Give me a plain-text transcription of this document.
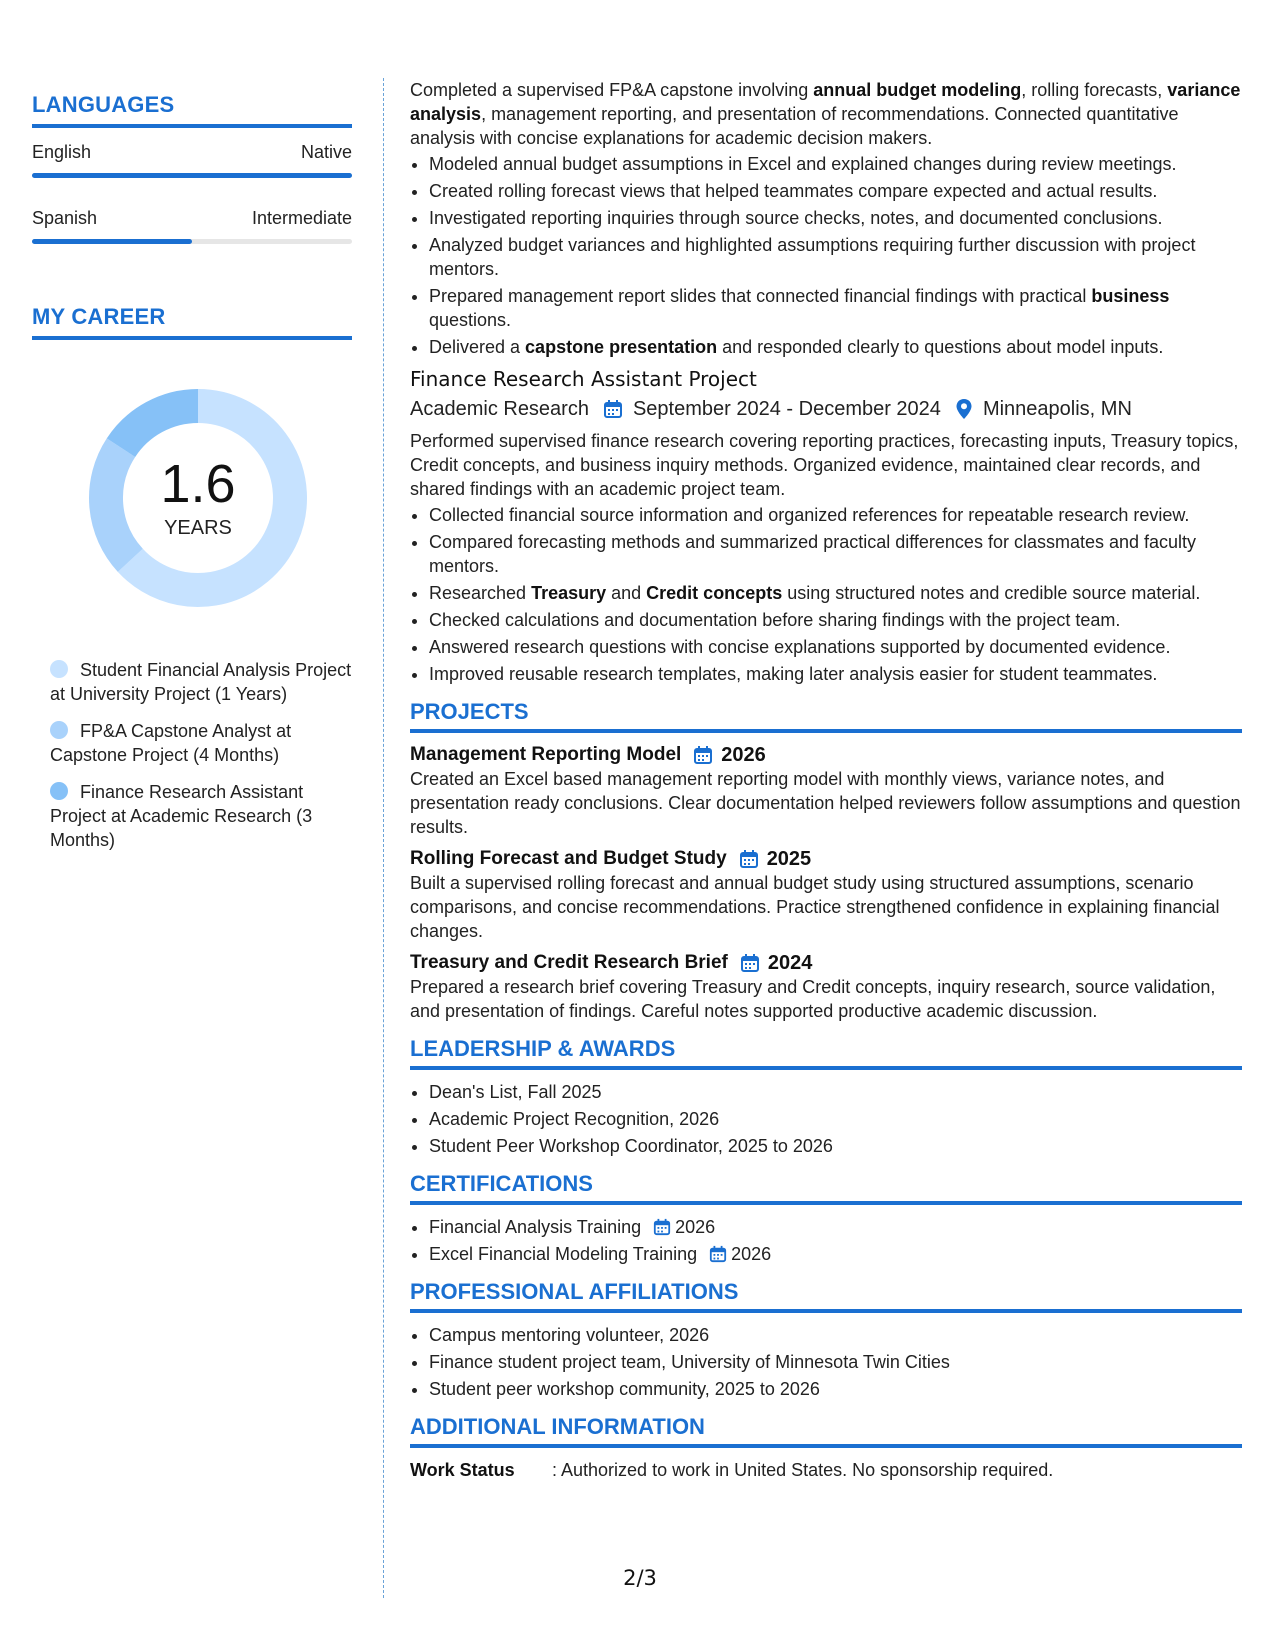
LANGUAGES
English	Native
Spanish	Intermediate
MY CAREER
1.6
YEARS
Student Financial Analysis Project at University Project (1 Years)
FP&A Capstone Analyst at Capstone Project (4 Months)
Finance Research Assistant Project at Academic Research (3 Months)

Completed a supervised FP&A capstone involving annual budget modeling, rolling forecasts, variance analysis, management reporting, and presentation of recommendations. Connected quantitative analysis with concise explanations for academic decision makers.

• Modeled annual budget assumptions in Excel and explained changes during review meetings.
• Created rolling forecast views that helped teammates compare expected and actual results.
• Investigated reporting inquiries through source checks, notes, and documented conclusions.
• Analyzed budget variances and highlighted assumptions requiring further discussion with project mentors.
• Prepared management report slides that connected financial findings with practical business questions.
• Delivered a capstone presentation and responded clearly to questions about model inputs.
Finance Research Assistant Project
Academic Research September 2024 - December 2024 Minneapolis, MN

Performed supervised finance research covering reporting practices, forecasting inputs, Treasury topics, Credit concepts, and business inquiry methods. Organized evidence, maintained clear records, and shared findings with an academic project team.

• Collected financial source information and organized references for repeatable research review.
• Compared forecasting methods and summarized practical differences for classmates and faculty mentors.
• Researched Treasury and Credit concepts using structured notes and credible source material.
• Checked calculations and documentation before sharing findings with the project team.
• Answered research questions with concise explanations supported by documented evidence.
• Improved reusable research templates, making later analysis easier for student teammates.
PROJECTS
Management Reporting Model 2026

Created an Excel based management reporting model with monthly views, variance notes, and presentation ready conclusions. Clear documentation helped reviewers follow assumptions and question results.

Rolling Forecast and Budget Study 2025

Built a supervised rolling forecast and annual budget study using structured assumptions, scenario comparisons, and concise recommendations. Practice strengthened confidence in explaining financial changes.

Treasury and Credit Research Brief 2024

Prepared a research brief covering Treasury and Credit concepts, inquiry research, source validation, and presentation of findings. Careful notes supported productive academic discussion.

LEADERSHIP & AWARDS
• Dean's List, Fall 2025
• Academic Project Recognition, 2026
• Student Peer Workshop Coordinator, 2025 to 2026
CERTIFICATIONS
• Financial Analysis Training 2026
• Excel Financial Modeling Training 2026
PROFESSIONAL AFFILIATIONS
• Campus mentoring volunteer, 2026
• Finance student project team, University of Minnesota Twin Cities
• Student peer workshop community, 2025 to 2026
ADDITIONAL INFORMATION
Work Status	: Authorized to work in United States. No sponsorship required.
2/3
